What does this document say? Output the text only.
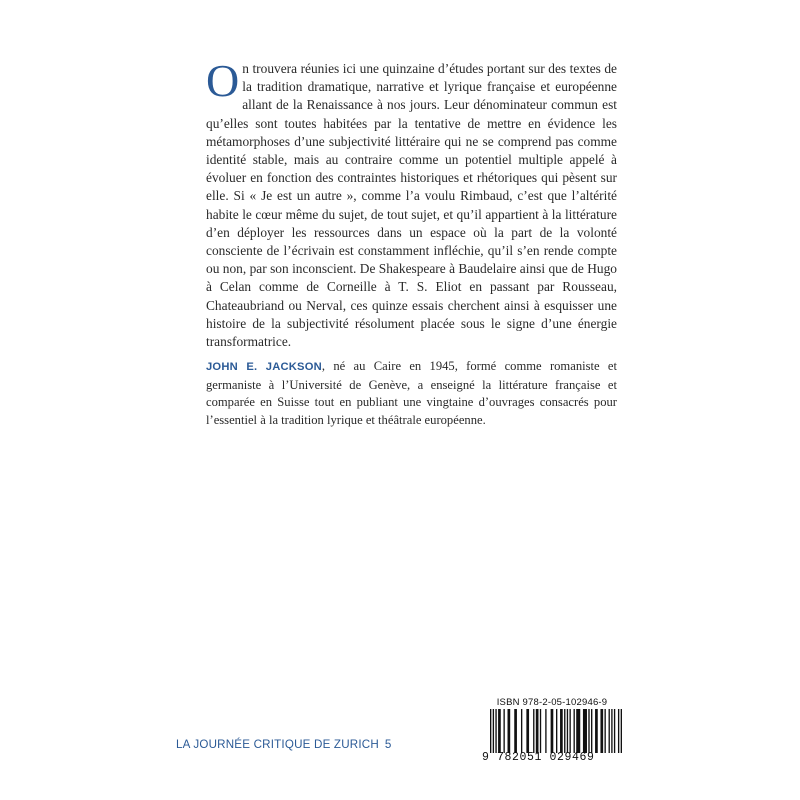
On trouvera réunies ici une quinzaine d’études portant sur des textes de la tradition dramatique, narrative et lyrique française et européenne allant de la Renaissance à nos jours. Leur dénominateur commun est qu’elles sont toutes habitées par la tentative de mettre en évidence les métamorphoses d’une subjectivité littéraire qui ne se comprend pas comme identité stable, mais au contraire comme un potentiel multiple appelé à évoluer en fonction des contraintes historiques et rhétoriques qui pèsent sur elle. Si « Je est un autre », comme l’a voulu Rimbaud, c’est que l’altérité habite le cœur même du sujet, de tout sujet, et qu’il appartient à la littérature d’en déployer les ressources dans un espace où la part de la volonté consciente de l’écrivain est constamment infléchie, qu’il s’en rende compte ou non, par son inconscient. De Shakespeare à Baudelaire ainsi que de Hugo à Celan comme de Corneille à T. S. Eliot en passant par Rousseau, Chateaubriand ou Nerval, ces quinze essais cherchent ainsi à esquisser une histoire de la subjectivité résolument placée sous le signe d’une énergie transformatrice.

JOHN E. JACKSON, né au Caire en 1945, formé comme romaniste et germaniste à l’Université de Genève, a enseigné la littérature française et comparée en Suisse tout en publiant une vingtaine d’ouvrages consacrés pour l’essentiel à la tradition lyrique et théâtrale européenne.

LA JOURNÉE CRITIQUE DE ZURICH 5
ISBN 978-2-05-102946-9
9 782051 029469
